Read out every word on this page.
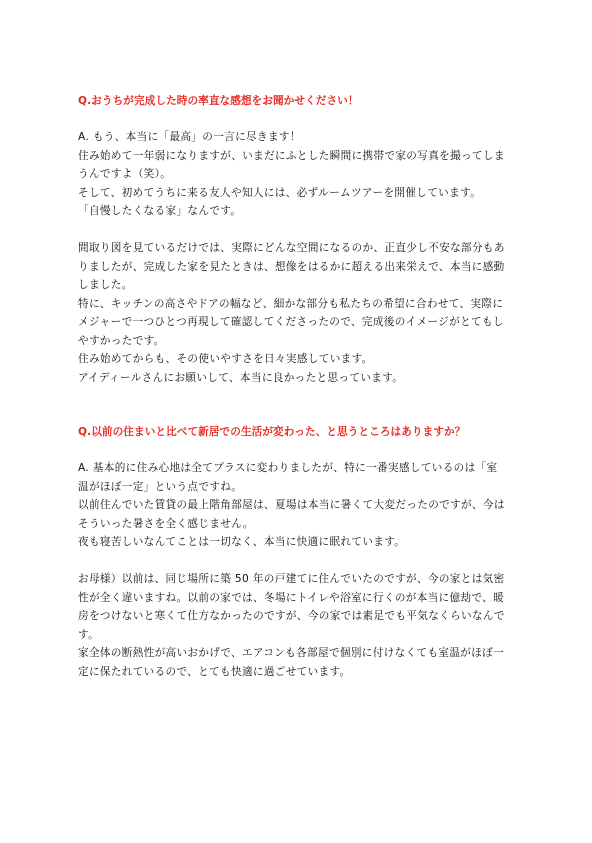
Q.おうちが完成した時の率直な感想をお聞かせください！

A. もう、本当に「最高」の一言に尽きます！

住み始めて一年弱になりますが、いまだにふとした瞬間に携帯で家の写真を撮ってしま

うんですよ（笑）。

そして、初めてうちに来る友人や知人には、必ずルームツアーを開催しています。

「自慢したくなる家」なんです。

間取り図を見ているだけでは、実際にどんな空間になるのか、正直少し不安な部分もあ

りましたが、完成した家を見たときは、想像をはるかに超える出来栄えで、本当に感動

しました。

特に、キッチンの高さやドアの幅など、細かな部分も私たちの希望に合わせて、実際に

メジャーで一つひとつ再現して確認してくださったので、完成後のイメージがとてもし

やすかったです。

住み始めてからも、その使いやすさを日々実感しています。

アイディールさんにお願いして、本当に良かったと思っています。

Q.以前の住まいと比べて新居での生活が変わった、と思うところはありますか？

A. 基本的に住み心地は全てプラスに変わりましたが、特に一番実感しているのは「室

温がほぼ一定」という点ですね。

以前住んでいた賃貸の最上階角部屋は、夏場は本当に暑くて大変だったのですが、今は

そういった暑さを全く感じません。

夜も寝苦しいなんてことは一切なく、本当に快適に眠れています。

お母様）以前は、同じ場所に築 50 年の戸建てに住んでいたのですが、今の家とは気密

性が全く違いますね。以前の家では、冬場にトイレや浴室に行くのが本当に億劫で、暖

房をつけないと寒くて仕方なかったのですが、今の家では素足でも平気なくらいなんで

す。

家全体の断熱性が高いおかげで、エアコンも各部屋で個別に付けなくても室温がほぼ一

定に保たれているので、とても快適に過ごせています。
